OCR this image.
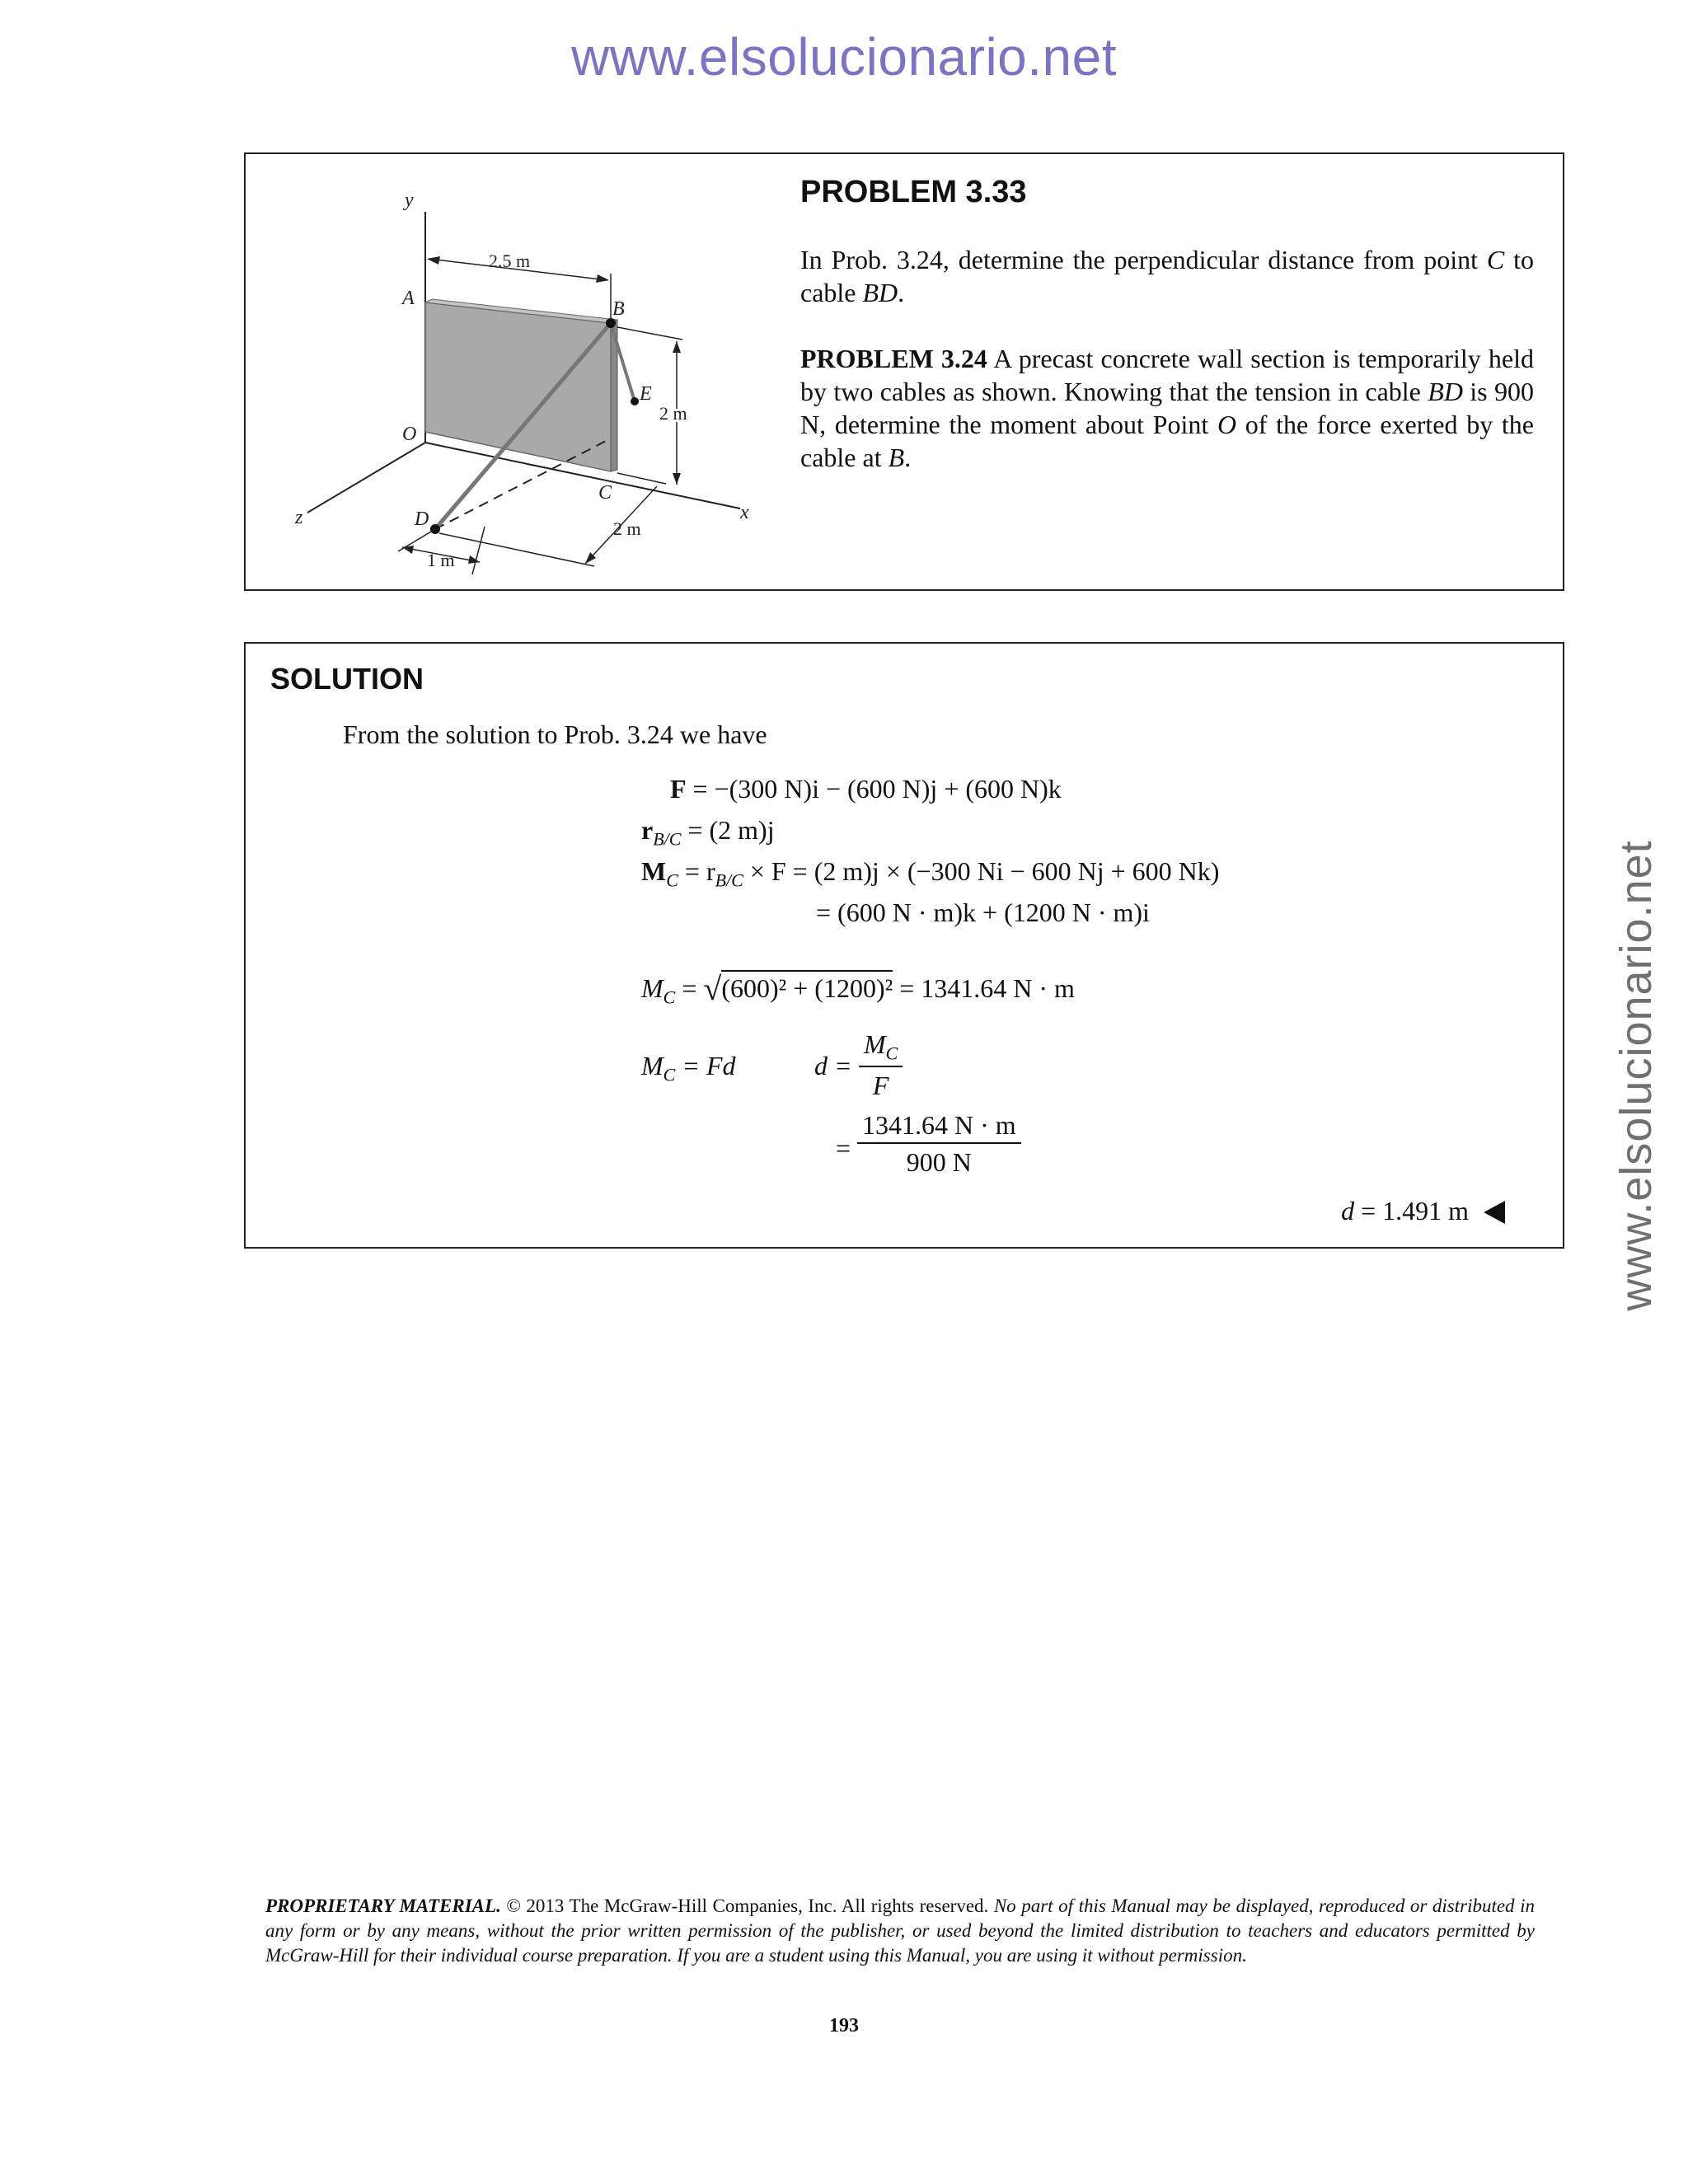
www.elsolucionario.net
www.elsolucionario.net
y
x
z
A	B
C
D
E
O
2.5 m
2 m
2 m
1 m
PROBLEM 3.33
In Prob. 3.24, determine the perpendicular distance from point C to cable BD.
PROBLEM 3.24 A precast concrete wall section is temporarily held by two cables as shown. Knowing that the tension in cable BD is 900 N, determine the moment about Point O of the force exerted by the cable at B.
SOLUTION
From the solution to Prob. 3.24 we have
F = −(300 N)i − (600 N)j + (600 N)k
$r_{B/C} = (2$ m)j
$M_C = r_{B/C} \times F = (2$ m)j × (−300 Ni − 600 Nj + 600 Nk)
= (600 N · m)k + (1200 N · m)i
$M_C = √(600)^2 + (1200)^2 = 1341.64$ N · m
$M_C = Fd$	$d = \frac{M_C}{F}$
= $\frac{1341.64 N \cdot m}{900 N}$
d = 1.491 m
PROPRIETARY MATERIAL. © 2013 The McGraw-Hill Companies, Inc. All rights reserved. No part of this Manual may be displayed, reproduced or distributed in any form or by any means, without the prior written permission of the publisher, or used beyond the limited distribution to teachers and educators permitted by McGraw-Hill for their individual course preparation. If you are a student using this Manual, you are using it without permission.
193
